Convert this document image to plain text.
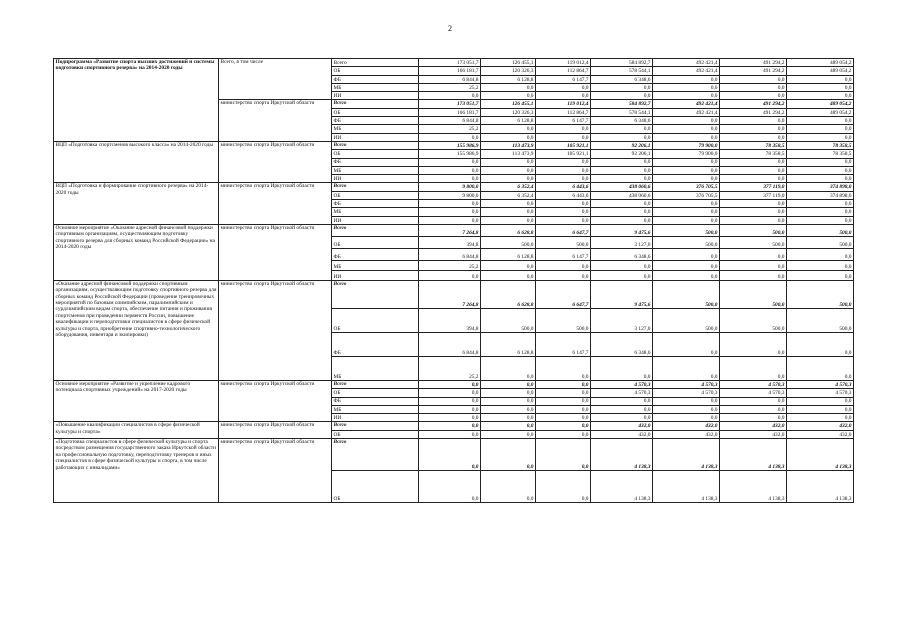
2
Подпрограмма «Развитие спорта высших достижений и системы подготовки спортивного резерва» на 2014-2020 годы	Всего, в том числе	Всего	173 051,7	126 455,1	119 012,4	584 892,7	492 421,4	491 294,2	489 054,2
		ОБ	166 181,7	120 326,3	112 864,7	578 544,1	492 421,4	491 294,2	489 054,2
		ФБ	6 844,8	6 128,8	6 147,7	6 348,6	0,0	0,0	0,0
		МБ	25,2	0,0	0,0	0,0	0,0	0,0	0,0
		ИИ	0,0	0,0	0,0	0,0	0,0	0,0	0,0
	министерство спорта Иркутской области	Всего	173 051,7	126 455,1	119 012,4	584 892,7	492 421,4	491 294,2	489 054,2
		ОБ	166 181,7	120 326,3	112 864,7	578 544,1	492 421,4	491 294,2	489 054,2
		ФБ	6 844,8	6 128,8	6 147,7	6 348,6	0,0	0,0	0,0
		МБ	25,2	0,0	0,0	0,0	0,0	0,0	0,0
		ИИ	0,0	0,0	0,0	0,0	0,0	0,0	0,0
ВЦП «Подготовка спортсменов высокого класса» на 2014-2020 годы	министерство спорта Иркутской области	Всего	155 986,9	113 473,9	105 921,1	92 206,1	79 900,0	78 358,5	78 358,5
		ОБ	155 986,9	113 473,9	105 921,1	92 206,1	79 900,0	78 358,5	78 358,5
		ФБ	0,0	0,0	0,0	0,0	0,0	0,0	0,0
		МБ	0,0	0,0	0,0	0,0	0,0	0,0	0,0
		ИИ	0,0	0,0	0,0	0,0	0,0	0,0	0,0
ВЦП «Подготовка и формирование спортивного резерва» на 2014-2020 годы	министерство спорта Иркутской области	Всего	9 800,0	6 352,4	6 443,6	438 060,6	376 705,5	377 119,0	374 898,0
		ОБ	9 800,0	6 352,4	6 443,6	438 060,6	376 705,5	377 119,0	374 898,0
		ФБ	0,0	0,0	0,0	0,0	0,0	0,0	0,0
		МБ	0,0	0,0	0,0	0,0	0,0	0,0	0,0
		ИИ	0,0	0,0	0,0	0,0	0,0	0,0	0,0
Основное мероприятие «Оказание адресной финансовой поддержки спортивным организациям, осуществляющим подготовку спортивного резерва для сборных команд Российской Федерации» на 2014-2020 годы	министерство спорта Иркутской области	Всего	7 264,8	6 628,8	6 647,7	9 475,6	500,0	500,0	500,0
		ОБ	394,8	500,0	500,0	3 127,0	500,0	500,0	500,0
		ФБ	6 844,8	6 128,8	6 147,7	6 348,6	0,0	0,0	0,0
		МБ	25,2	0,0	0,0	0,0	0,0	0,0	0,0
		ИИ	0,0	0,0	0,0	0,0	0,0	0,0	0,0
«Оказание адресной финансовой поддержки спортивным организациям, осуществляющим подготовку спортивного резерва для сборных команд Российской Федерации (проведение тренировочных мероприятий по базовым олимпийским, паралимпийским и сурдлимпийским видам спорта, обеспечение питания и проживания спортсменов при проведении первенств России, повышение квалификации и переподготовки специалистов в сфере физической культуры и спорта, приобретение спортивно-технологического оборудования, инвентаря и экипировки)	министерство спорта Иркутской области	Всего	7 264,8	6 628,8	6 647,7	9 475,6	500,0	500,0	500,0
		ОБ	394,8	500,0	500,0	3 127,0	500,0	500,0	500,0
		ФБ	6 844,8	6 128,8	6 147,7	6 348,6	0,0	0,0	0,0
		МБ	25,2	0,0	0,0	0,0	0,0	0,0	0,0
Основное мероприятие «Развитие и укрепление кадрового потенциала спортивных учреждений» на 2017-2020 годы	министерство спорта Иркутской области	Всего	0,0	0,0	0,0	4 570,3	4 570,3	4 570,3	4 570,3
		ОБ	0,0	0,0	0,0	4 570,3	4 570,3	4 570,3	4 570,3
		ФБ	0,0	0,0	0,0	0,0	0,0	0,0	0,0
		МБ	0,0	0,0	0,0	0,0	0,0	0,0	0,0
		ИИ	0,0	0,0	0,0	0,0	0,0	0,0	0,0
«Повышение квалификации специалистов в сфере физической культуры и спорта»	министерство спорта Иркутской области	Всего	0,0	0,0	0,0	432,0	432,0	432,0	432,0
		ОБ	0,0	0,0	0,0	432,0	432,0	432,0	432,0
«Подготовка специалистов в сфере физической культуры и спорта посредством размещения государственного заказа Иркутской области на профессиональную подготовку, переподготовку тренеров и иных специалистов в сфере физической культуры и спорта, в том числе работающих с инвалидами»	министерство спорта Иркутской области	Всего	0,0	0,0	0,0	4 138,3	4 138,3	4 138,3	4 138,3
		ОБ	0,0	0,0	0,0	4 138,3	4 138,3	4 138,3	4 138,3
